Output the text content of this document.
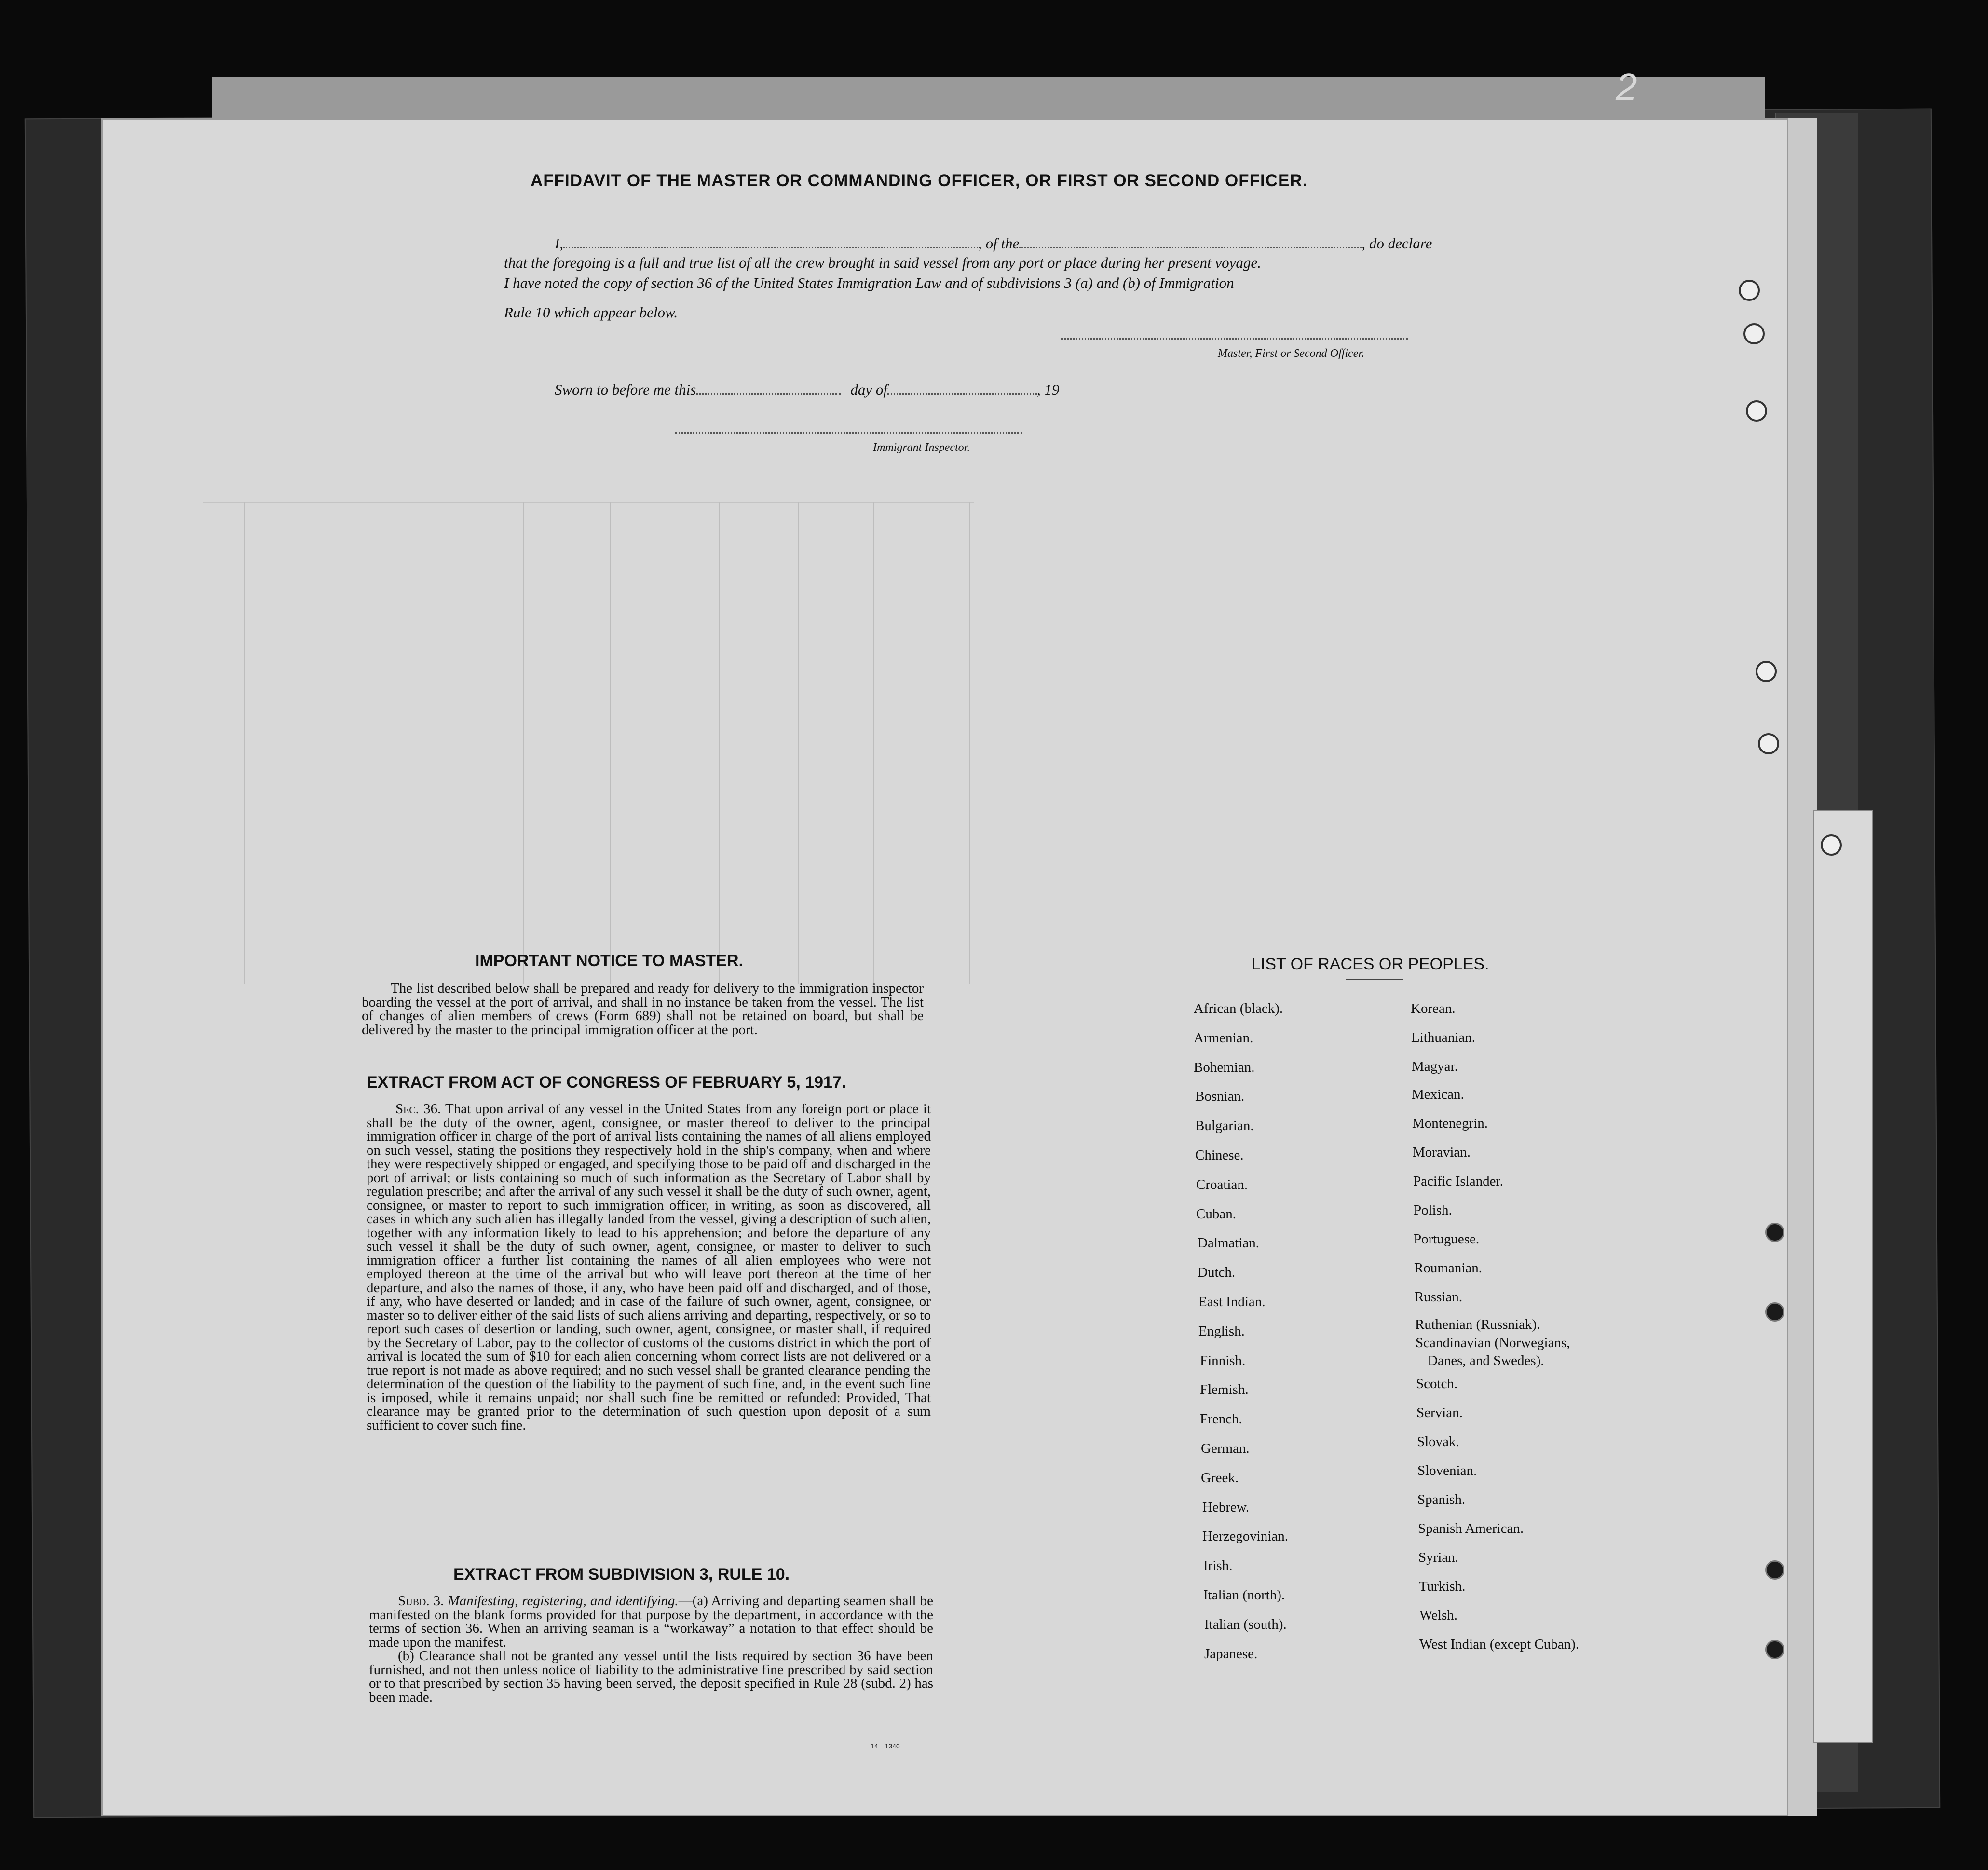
2
AFFIDAVIT OF THE MASTER OR COMMANDING OFFICER, OR FIRST OR SECOND OFFICER.
I,	, of the	, do declare
that the foregoing is a full and true list of all the crew brought in said vessel from any port or place during her present voyage.
I have noted the copy of section 36 of the United States Immigration Law and of subdivisions 3 (a) and (b) of Immigration
Rule 10 which appear below.
Master, First or Second Officer.
Sworn to before me this	day of	, 19
Immigrant Inspector.
IMPORTANT NOTICE TO MASTER.

The list described below shall be prepared and ready for delivery to the immigration inspector boarding the vessel at the port of arrival, and shall in no instance be taken from the vessel. The list of changes of alien members of crews (Form 689) shall not be retained on board, but shall be delivered by the master to the principal immigration officer at the port.

EXTRACT FROM ACT OF CONGRESS OF FEBRUARY 5, 1917.

Sec. 36. That upon arrival of any vessel in the United States from any foreign port or place it shall be the duty of the owner, agent, consignee, or master thereof to deliver to the principal immigration officer in charge of the port of arrival lists containing the names of all aliens employed on such vessel, stating the positions they respectively hold in the ship's company, when and where they were respectively shipped or engaged, and specifying those to be paid off and discharged in the port of arrival; or lists containing so much of such information as the Secretary of Labor shall by regulation prescribe; and after the arrival of any such vessel it shall be the duty of such owner, agent, consignee, or master to report to such immigration officer, in writing, as soon as discovered, all cases in which any such alien has illegally landed from the vessel, giving a description of such alien, together with any information likely to lead to his apprehension; and before the departure of any such vessel it shall be the duty of such owner, agent, consignee, or master to deliver to such immigration officer a further list containing the names of all alien employees who were not employed thereon at the time of the arrival but who will leave port thereon at the time of her departure, and also the names of those, if any, who have been paid off and discharged, and of those, if any, who have deserted or landed; and in case of the failure of such owner, agent, consignee, or master so to deliver either of the said lists of such aliens arriving and departing, respectively, or so to report such cases of desertion or landing, such owner, agent, consignee, or master shall, if required by the Secretary of Labor, pay to the collector of customs of the customs district in which the port of arrival is located the sum of $10 for each alien concerning whom correct lists are not delivered or a true report is not made as above required; and no such vessel shall be granted clearance pending the determination of the question of the liability to the payment of such fine, and, in the event such fine is imposed, while it remains unpaid; nor shall such fine be remitted or refunded: Provided, That clearance may be granted prior to the determination of such question upon deposit of a sum sufficient to cover such fine.

EXTRACT FROM SUBDIVISION 3, RULE 10.

Subd. 3. Manifesting, registering, and identifying.—(a) Arriving and departing seamen shall be manifested on the blank forms provided for that purpose by the department, in accordance with the terms of section 36. When an arriving seaman is a “workaway” a notation to that effect should be made upon the manifest.

(b) Clearance shall not be granted any vessel until the lists required by section 36 have been furnished, and not then unless notice of liability to the administrative fine prescribed by said section or to that prescribed by section 35 having been served, the deposit specified in Rule 28 (subd. 2) has been made.

14—1340
LIST OF RACES OR PEOPLES.
African (black).
Armenian.
Bohemian.
Bosnian.
Bulgarian.
Chinese.
Croatian.
Cuban.
Dalmatian.
Dutch.
East Indian.
English.
Finnish.
Flemish.
French.
German.
Greek.
Hebrew.
Herzegovinian.
Irish.
Italian (north).
Italian (south).
Japanese.
Korean.
Lithuanian.
Magyar.
Mexican.
Montenegrin.
Moravian.
Pacific Islander.
Polish.
Portuguese.
Roumanian.
Russian.
Ruthenian (Russniak).
Scandinavian (Norwegians,
Danes, and Swedes).
Scotch.
Servian.
Slovak.
Slovenian.
Spanish.
Spanish American.
Syrian.
Turkish.
Welsh.
West Indian (except Cuban).
